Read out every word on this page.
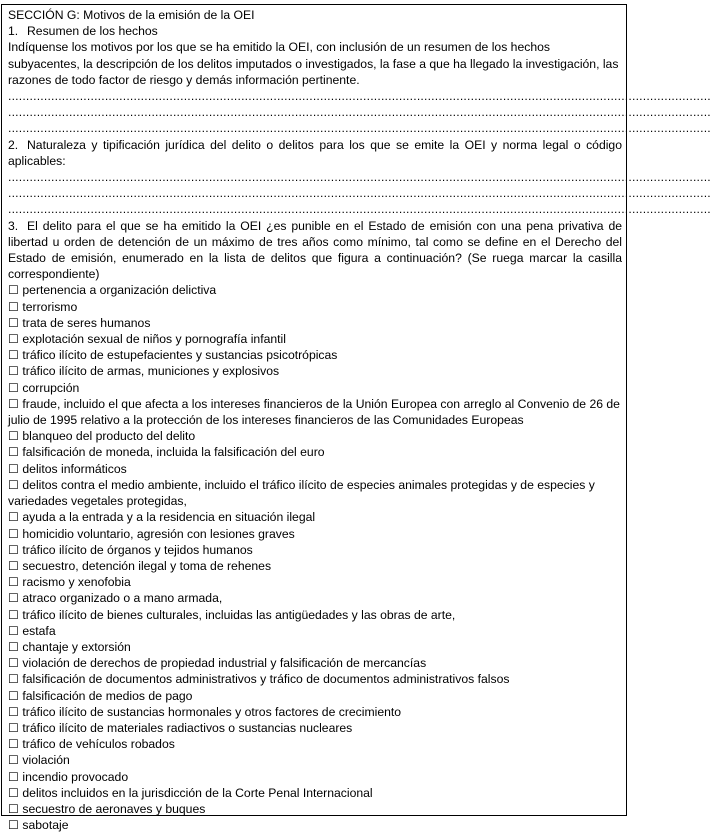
SECCIÓN G: Motivos de la emisión de la OEI

1. Resumen de los hechos

Indíquense los motivos por los que se ha emitido la OEI, con inclusión de un resumen de los hechos subyacentes, la descripción de los delitos imputados o investigados, la fase a que ha llegado la investigación, las razones de todo factor de riesgo y demás información pertinente.

....................................................................................................................................................................................................

....................................................................................................................................................................................................

....................................................................................................................................................................................................

2. Naturaleza y tipificación jurídica del delito o delitos para los que se emite la OEI y norma legal o código aplicables:

....................................................................................................................................................................................................

....................................................................................................................................................................................................

....................................................................................................................................................................................................

3. El delito para el que se ha emitido la OEI ¿es punible en el Estado de emisión con una pena privativa de libertad u orden de detención de un máximo de tres años como mínimo, tal como se define en el Derecho del Estado de emisión, enumerado en la lista de delitos que figura a continuación? (Se ruega marcar la casilla correspondiente)

☐ pertenencia a organización delictiva

☐ terrorismo

☐ trata de seres humanos

☐ explotación sexual de niños y pornografía infantil

☐ tráfico ilícito de estupefacientes y sustancias psicotrópicas

☐ tráfico ilícito de armas, municiones y explosivos

☐ corrupción

☐ fraude, incluido el que afecta a los intereses financieros de la Unión Europea con arreglo al Convenio de 26 de julio de 1995 relativo a la protección de los intereses financieros de las Comunidades Europeas

☐ blanqueo del producto del delito

☐ falsificación de moneda, incluida la falsificación del euro

☐ delitos informáticos

☐ delitos contra el medio ambiente, incluido el tráfico ilícito de especies animales protegidas y de especies y variedades vegetales protegidas,

☐ ayuda a la entrada y a la residencia en situación ilegal

☐ homicidio voluntario, agresión con lesiones graves

☐ tráfico ilícito de órganos y tejidos humanos

☐ secuestro, detención ilegal y toma de rehenes

☐ racismo y xenofobia

☐ atraco organizado o a mano armada,

☐ tráfico ilícito de bienes culturales, incluidas las antigüedades y las obras de arte,

☐ estafa

☐ chantaje y extorsión

☐ violación de derechos de propiedad industrial y falsificación de mercancías

☐ falsificación de documentos administrativos y tráfico de documentos administrativos falsos

☐ falsificación de medios de pago

☐ tráfico ilícito de sustancias hormonales y otros factores de crecimiento

☐ tráfico ilícito de materiales radiactivos o sustancias nucleares

☐ tráfico de vehículos robados

☐ violación

☐ incendio provocado

☐ delitos incluidos en la jurisdicción de la Corte Penal Internacional

☐ secuestro de aeronaves y buques

☐ sabotaje
